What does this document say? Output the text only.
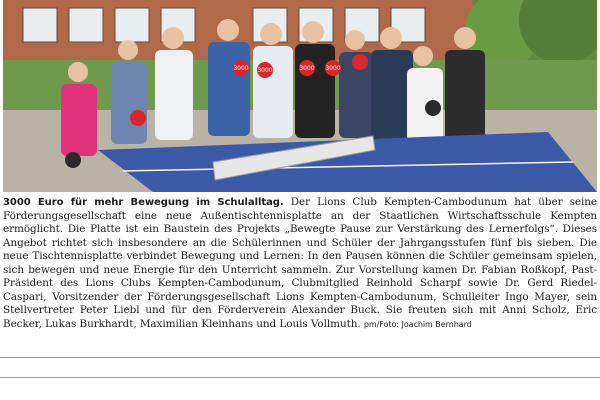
3000 3000	3000 3000
3000 Euro für mehr Bewegung im Schulalltag. Der Lions Club Kempten-Cambodunum hat über seine Förderungsgesellschaft eine neue Außentischtennisplatte an der Staatlichen Wirtschaftsschule Kempten ermöglicht. Die Platte ist ein Baustein des Projekts „Bewegte Pause zur Verstärkung des Lernerfolgs“. Dieses Angebot richtet sich insbesondere an die Schülerinnen und Schüler der Jahrgangsstufen fünf bis sieben. Die neue Tischtennisplatte verbindet Bewegung und Lernen: In den Pausen können die Schüler gemeinsam spielen, sich bewegen und neue Energie für den Unterricht sammeln. Zur Vorstellung kamen Dr. Fabian Roßkopf, Past-Präsident des Lions Clubs Kempten-Cambodunum, Clubmitglied Reinhold Scharpf sowie Dr. Gerd Riedel-Caspari, Vorsitzender der Förderungsgesellschaft Lions Kempten-Cambodunum, Schulleiter Ingo Mayer, sein Stellvertreter Peter Liebl und für den Förderverein Alexander Buck. Sie freuten sich mit Anni Scholz, Eric Becker, Lukas Burkhardt, Maximilian Kleinhans und Louis Vollmuth. pm/Foto: Joachim Bernhard
